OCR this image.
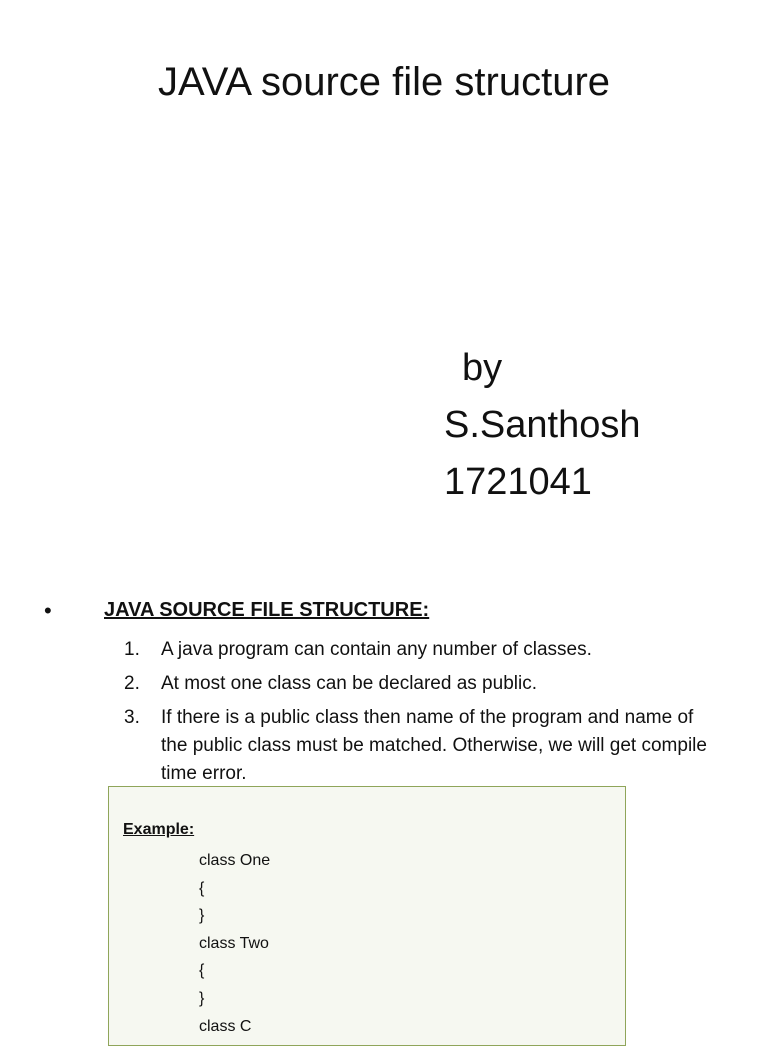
JAVA source file structure
by
S.Santhosh
1721041
•	JAVA SOURCE FILE STRUCTURE:
1. A java program can contain any number of classes.
2. At most one class can be declared as public.
3. If there is a public class then name of the program and name of the public class must be matched. Otherwise, we will get compile time error.
Example:
class One
{
}
class Two
{
}
class C
